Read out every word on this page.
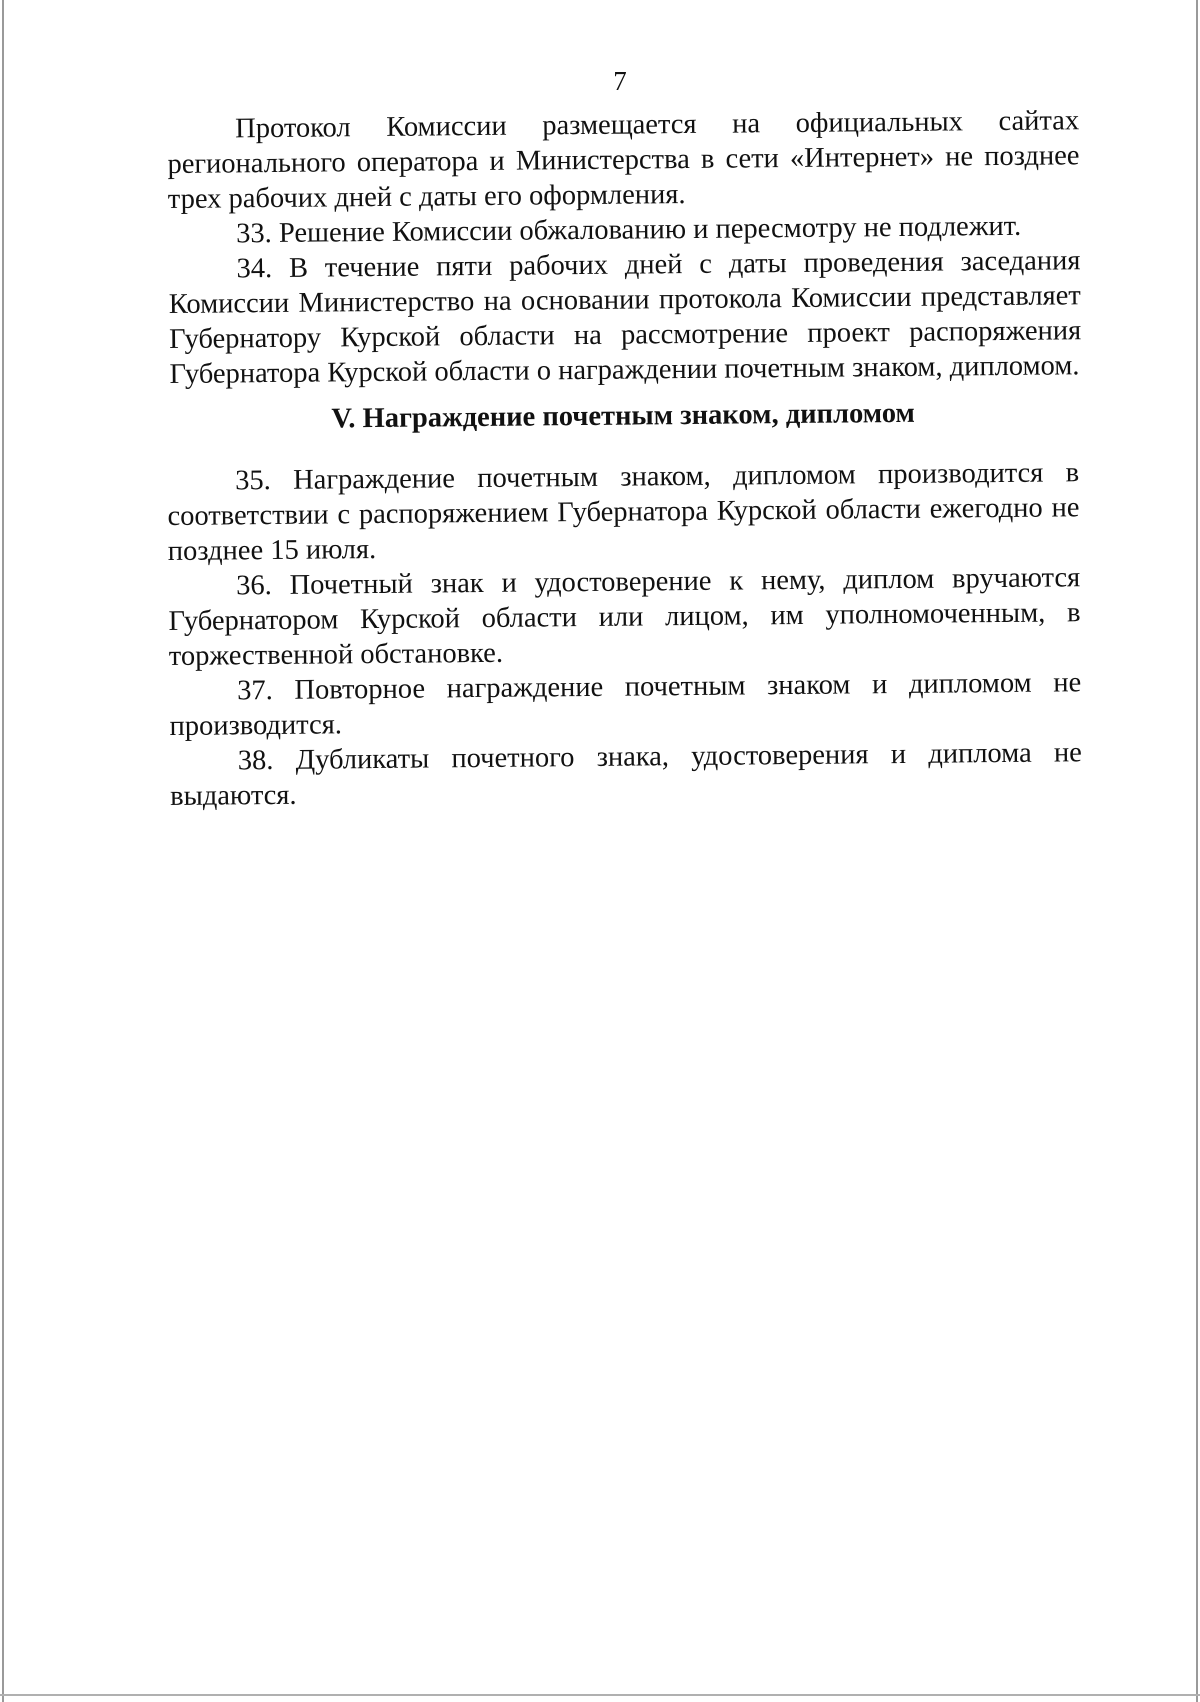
7

Протокол Комиссии размещается на официальных сайтах регионального оператора и Министерства в сети «Интернет» не позднее трех рабочих дней с даты его оформления.

33. Решение Комиссии обжалованию и пересмотру не подлежит.

34. В течение пяти рабочих дней с даты проведения заседания Комиссии Министерство на основании протокола Комиссии представляет Губернатору Курской области на рассмотрение проект распоряжения Губернатора Курской области о награждении почетным знаком, дипломом.

V. Награждение почетным знаком, дипломом

35. Награждение почетным знаком, дипломом производится в соответствии с распоряжением Губернатора Курской области ежегодно не позднее 15 июля.

36. Почетный знак и удостоверение к нему, диплом вручаются Губернатором Курской области или лицом, им уполномоченным, в торжественной обстановке.

37. Повторное награждение почетным знаком и дипломом не производится.

38. Дубликаты почетного знака, удостоверения и диплома не выдаются.
